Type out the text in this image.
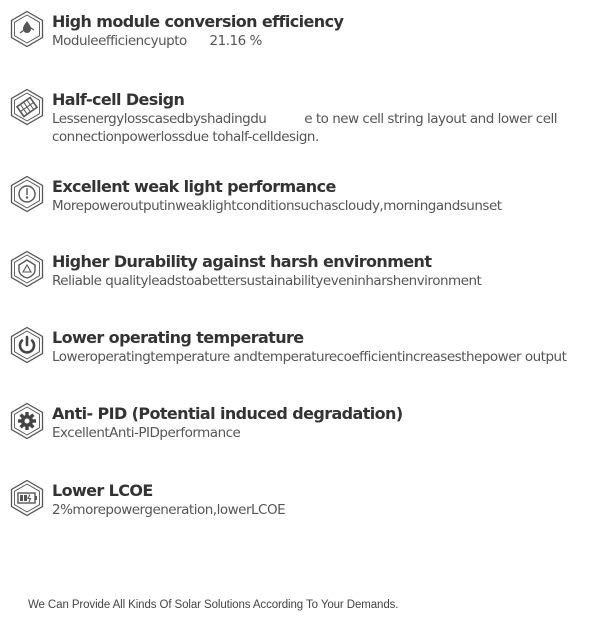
High module conversion efficiency
Moduleefficiencyupto      21.16 %
Half-cell Design
Lessenergylosscasedbyshadingdu          e to new cell string layout and lower cell connectionpowerlossdue tohalf-celldesign.
Excellent weak light performance
Morepoweroutputinweaklightconditionsuchascloudy,morningandsunset
Higher Durability against harsh environment
Reliable qualityleadstoabettersustainabilityeveninharshenvironment
Lower operating temperature
Loweroperatingtemperature andtemperaturecoefficientincreasesthepower output
Anti- PID (Potential induced degradation)
ExcellentAnti-PIDperformance
Lower LCOE
2%morepowergeneration,lowerLCOE
We Can Provide All Kinds Of Solar Solutions According To Your Demands.
